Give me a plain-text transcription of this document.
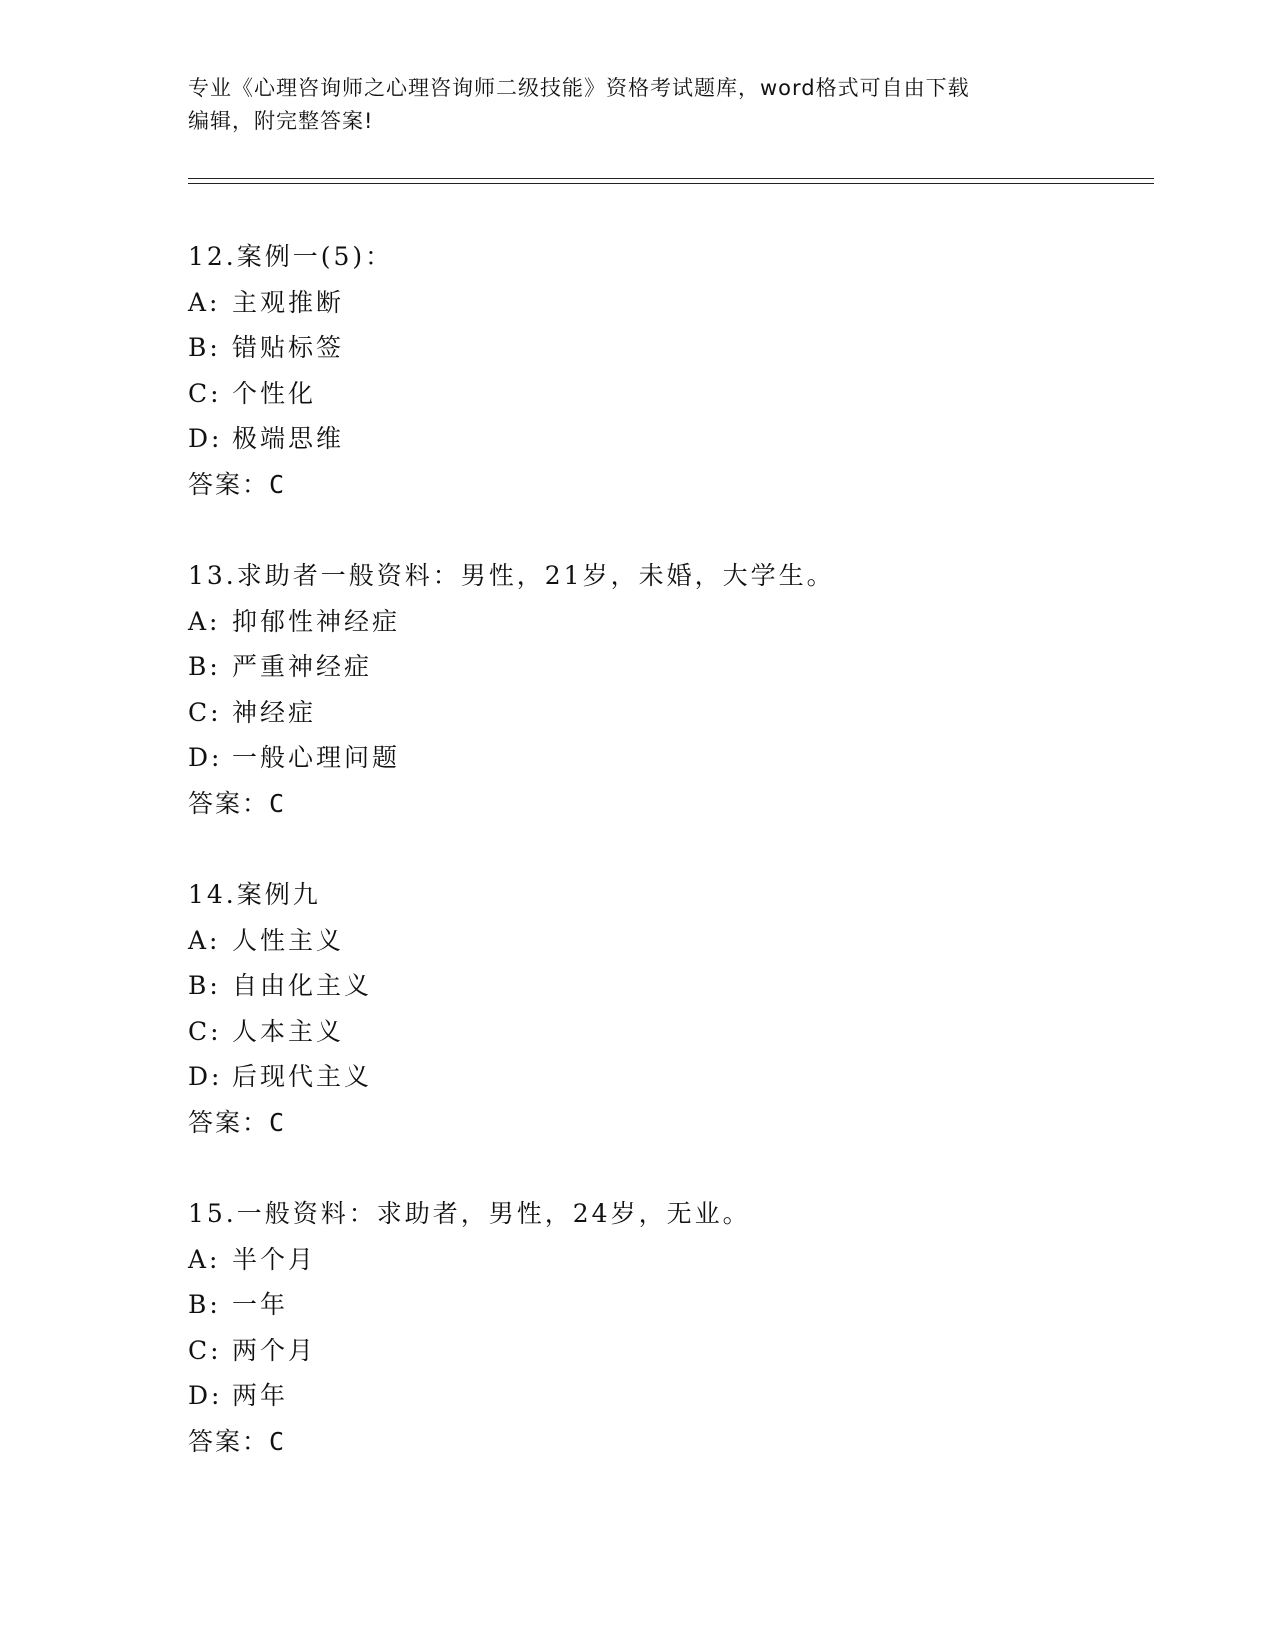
专业《心理咨询师之心理咨询师二级技能》资格考试题库，word格式可自由下载
编辑，附完整答案!
12.案例一(5)：
A: 主观推断
B: 错贴标签
C: 个性化
D: 极端思维
答案：C
13.求助者一般资料：男性，21岁，未婚，大学生。
A: 抑郁性神经症
B: 严重神经症
C: 神经症
D: 一般心理问题
答案：C
14.案例九
A: 人性主义
B: 自由化主义
C: 人本主义
D: 后现代主义
答案：C
15.一般资料：求助者，男性，24岁，无业。
A: 半个月
B: 一年
C: 两个月
D: 两年
答案：C
